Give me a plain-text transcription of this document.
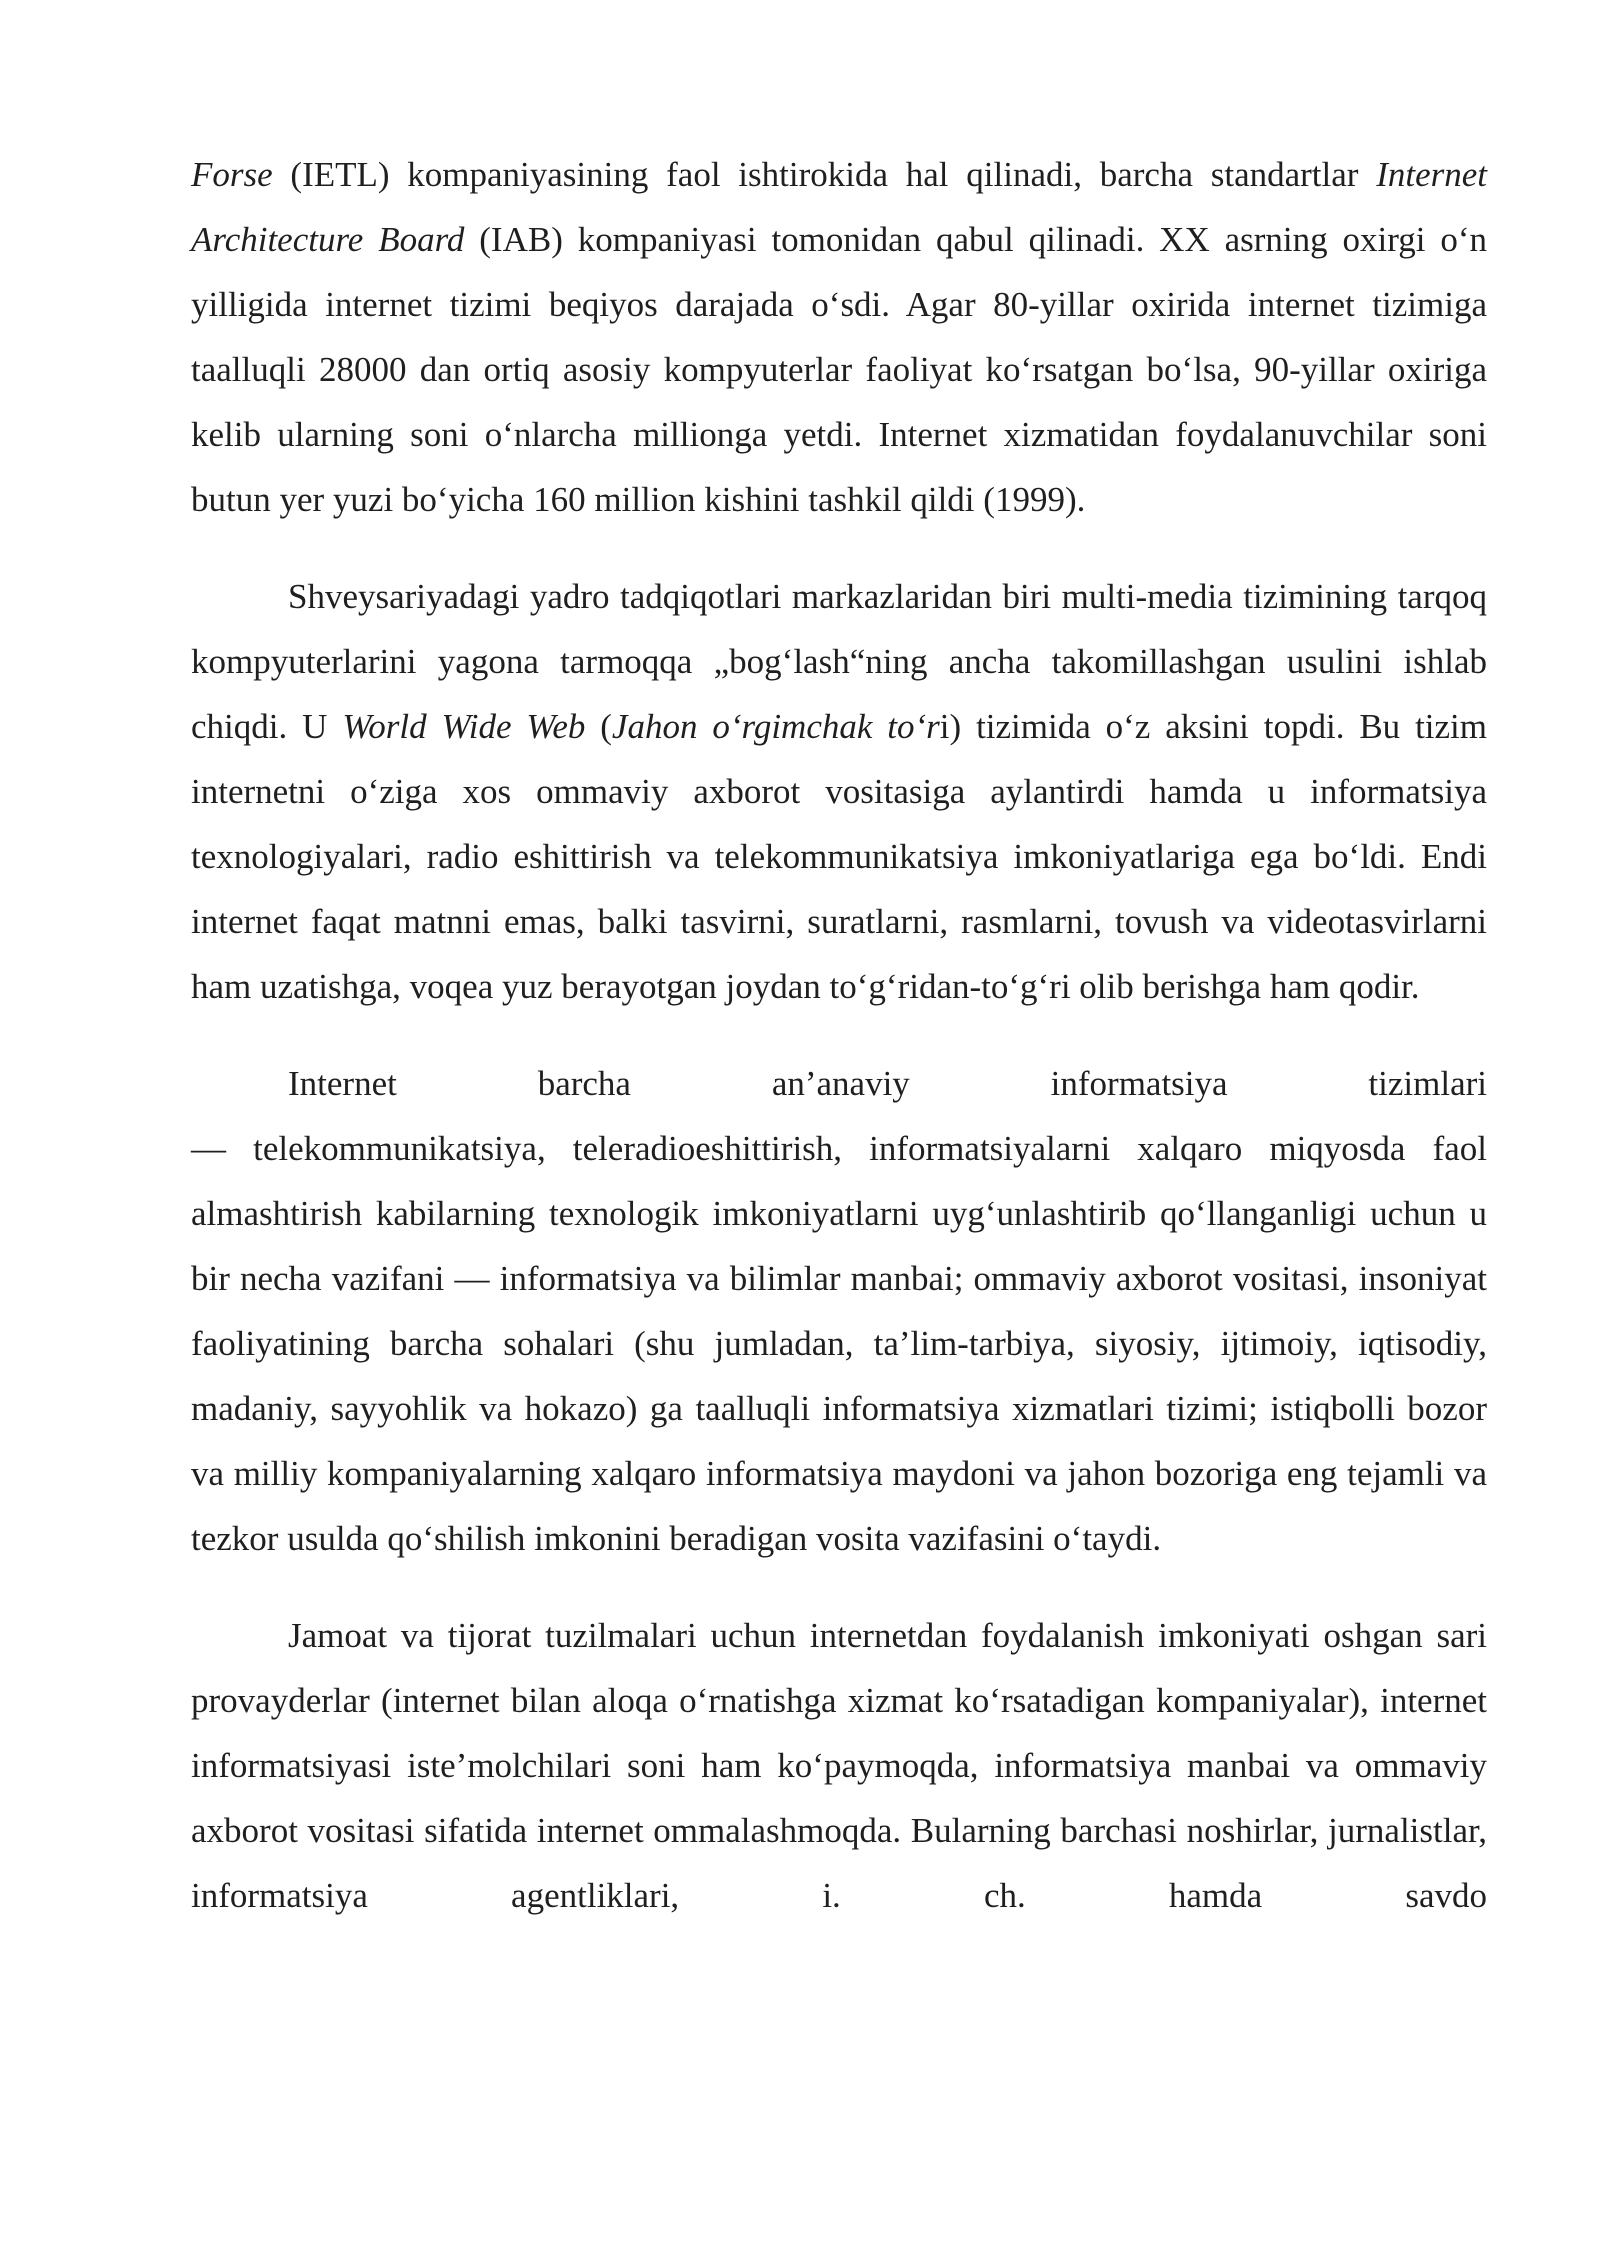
Forse (IETL) kompaniyasining faol ishtirokida hal qilinadi, barcha standartlar Internet Architecture Board (IAB) kompaniyasi tomonidan qabul qilinadi. XX asrning oxirgi o‘n yilligida internet tizimi beqiyos darajada o‘sdi. Agar 80-yillar oxirida internet tizimiga taalluqli 28000 dan ortiq asosiy kompyuterlar faoliyat ko‘rsatgan bo‘lsa, 90-yillar oxiriga kelib ularning soni o‘nlarcha millionga yetdi. Internet xizmatidan foydalanuvchilar soni butun yer yuzi bo‘yicha 160 million kishini tashkil qildi (1999).

Shveysariyadagi yadro tadqiqotlari markazlaridan biri multi-media tizimining tarqoq kompyuterlarini yagona tarmoqqa „bog‘lash“ning ancha takomillashgan usulini ishlab chiqdi. U World Wide Web (Jahon o‘rgimchak to‘ri) tizimida o‘z aksini topdi. Bu tizim internetni o‘ziga xos ommaviy axborot vositasiga aylantirdi hamda u informatsiya texnologiyalari, radio eshittirish va telekommunikatsiya imkoniyatlariga ega bo‘ldi. Endi internet faqat matnni emas, balki tasvirni, suratlarni, rasmlarni, tovush va videotasvirlarni ham uzatishga, voqea yuz berayotgan joydan to‘g‘ridan-to‘g‘ri olib berishga ham qodir.

Internet barcha an’anaviy informatsiya tizimlari
— telekommunikatsiya, teleradioeshittirish, informatsiyalarni xalqaro miqyosda faol almashtirish kabilarning texnologik imkoniyatlarni uyg‘unlashtirib qo‘llanganligi uchun u bir necha vazifani — informatsiya va bilimlar manbai; ommaviy axborot vositasi, insoniyat faoliyatining barcha sohalari (shu jumladan, ta’lim-tarbiya, siyosiy, ijtimoiy, iqtisodiy, madaniy, sayyohlik va hokazo) ga taalluqli informatsiya xizmatlari tizimi; istiqbolli bozor va milliy kompaniyalarning xalqaro informatsiya maydoni va jahon bozoriga eng tejamli va tezkor usulda qo‘shilish imkonini beradigan vosita vazifasini o‘taydi.

Jamoat va tijorat tuzilmalari uchun internetdan foydalanish imkoniyati oshgan sari provayderlar (internet bilan aloqa o‘rnatishga xizmat ko‘rsatadigan kompaniyalar), internet informatsiyasi iste’molchilari soni ham ko‘paymoqda, informatsiya manbai va ommaviy axborot vositasi sifatida internet ommalashmoqda. Bularning barchasi noshirlar, jurnalistlar, informatsiya agentliklari, i. ch. hamda savdo
